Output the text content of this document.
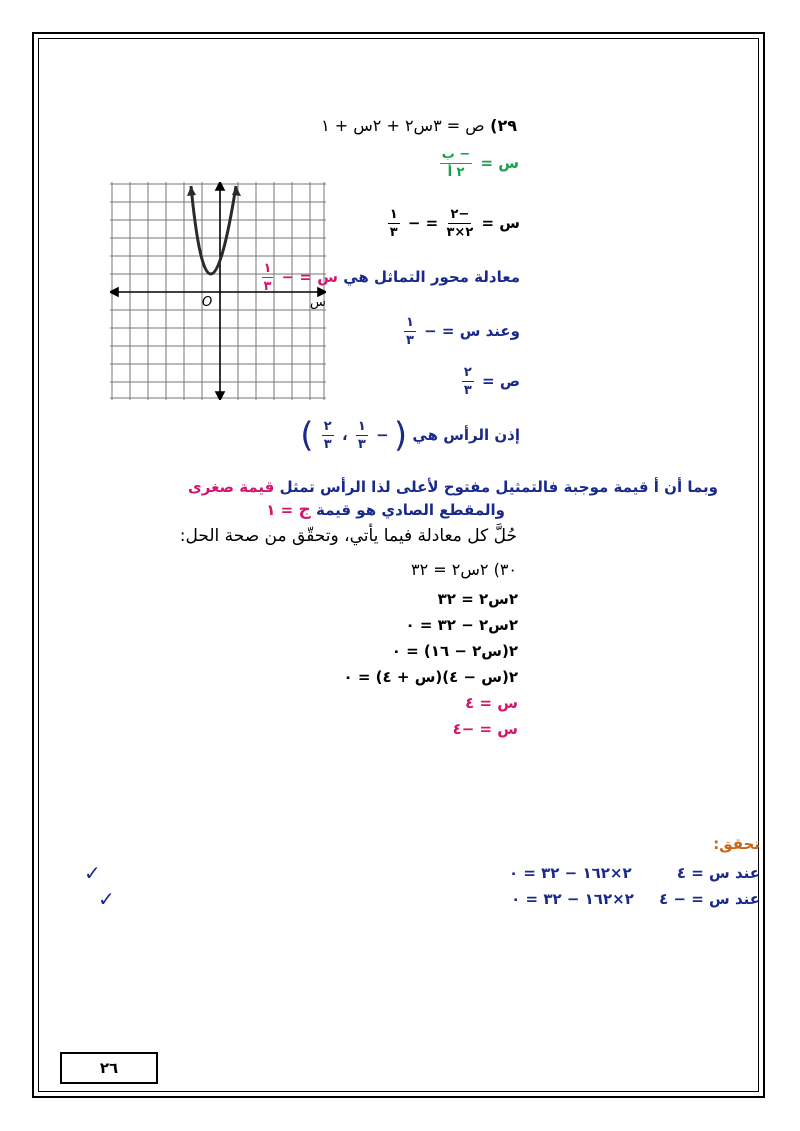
٢٩) ص = ٣س٢ + ٢س + ١
س =
$\frac{\text{− ب}}{\text{٢ أ}}$
س =
$\frac{-٢}{٢\times ٣}$
= −
$\frac{١}{٣}$
معادلة محور التماثل هي س = −
$\frac{١}{٣}$
وعند س = −
$\frac{١}{٣}$
ص =
$\frac{٢}{٣}$
إذن الرأس هي ( −
$\frac{١}{٣}$
،
$\frac{٢}{٣}$
)
وبما أن أ قيمة موجبة فالتمثيل مفتوح لأعلى لذا الرأس تمثل قيمة صغرى
والمقطع الصادي هو قيمة ج = ١
O	س
حُلَّ كل معادلة فيما يأتي، وتحقّق من صحة الحل:
٣٠) ٢س٢ = ٣٢
٢س٢ = ٣٢
٢س٢ − ٣٢ = ٠
٢(س٢ − ١٦) = ٠
٢(س − ٤)(س + ٤) = ٠
س = ٤
س = −٤
تحقق:
عند س = ٤ ٢×١٦٢ − ٣٢ = ٠
✓
عند س = − ٤ ٢×١٦٢ − ٣٢ = ٠
✓
٢٦
